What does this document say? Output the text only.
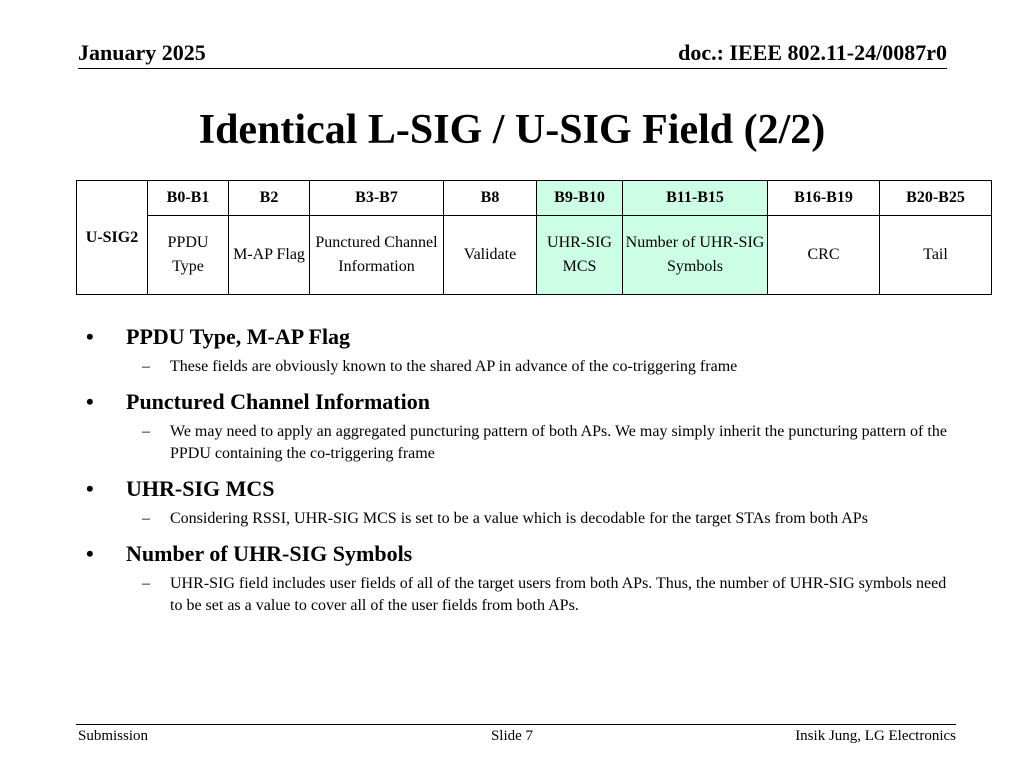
January 2025	doc.: IEEE 802.11-24/0087r0
Identical L-SIG / U-SIG Field (2/2)
U-SIG2	B0-B1	B2	B3-B7	B8	B9-B10	B11-B15	B16-B19	B20-B25
	PPDU Type	M-AP Flag	Punctured Channel Information	Validate	UHR-SIG MCS	Number of UHR-SIG Symbols	CRC	Tail
• PPDU Type, M-AP Flag
– These fields are obviously known to the shared AP in advance of the co-triggering frame
• Punctured Channel Information
– We may need to apply an aggregated puncturing pattern of both APs. We may simply inherit the puncturing pattern of the PPDU containing the co-triggering frame
• UHR-SIG MCS
– Considering RSSI, UHR-SIG MCS is set to be a value which is decodable for the target STAs from both APs
• Number of UHR-SIG Symbols
– UHR-SIG field includes user fields of all of the target users from both APs. Thus, the number of UHR-SIG symbols need to be set as a value to cover all of the user fields from both APs.
Submission	Slide 7	Insik Jung, LG Electronics
